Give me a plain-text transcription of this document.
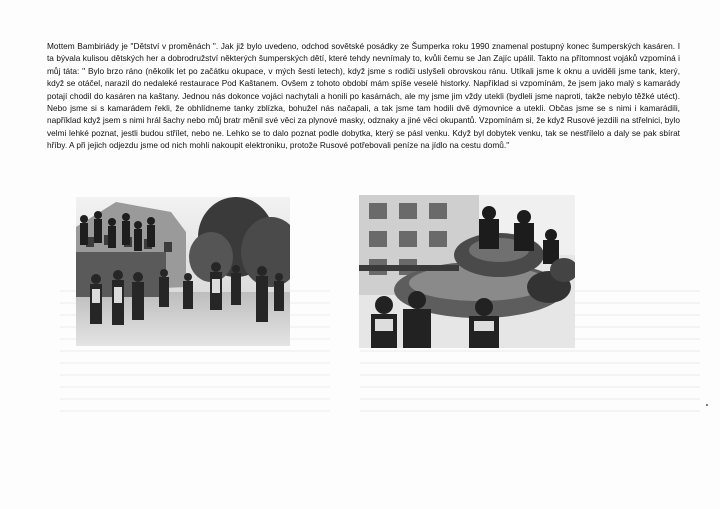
Mottem Bambiriády je "Dětství v proměnách ". Jak již bylo uvedeno, odchod sovětské posádky ze Šumperka roku 1990 znamenal postupný konec šumperských kasáren. I ta bývala kulisou dětských her a dobrodružství některých šumperských dětí, které tehdy nevnímaly to, kvůli čemu se Jan Zajíc upálil. Takto na přítomnost vojáků vzpomíná i můj táta: " Bylo brzo ráno (několik let po začátku okupace, v mých šesti letech), když jsme s rodiči uslyšeli obrovskou ránu. Utíkali jsme k oknu a uviděli jsme tank, který, když se otáčel, narazil do nedaleké restaurace Pod Kaštanem. Ovšem z tohoto období mám spíše veselé historky. Například si vzpomínám, že jsem jako malý s kamarády potají chodil do kasáren na kaštany. Jednou nás dokonce vojáci nachytali a honili po kasárnách, ale my jsme jim vždy utekli (bydleli jsme naproti, takže nebylo těžké utéct). Nebo jsme si s kamarádem řekli, že obhlídneme tanky zblízka, bohužel nás načapali, a tak jsme tam hodili dvě dýmovnice a utekli. Občas jsme se s nimi i kamarádili, například když jsem s nimi hrál šachy nebo můj bratr měnil své věci za plynové masky, odznaky a jiné věci okupantů. Vzpomínám si, že když Rusové jezdili na střelnici, bylo velmi lehké poznat, jestli budou střílet, nebo ne. Lehko se to dalo poznat podle dobytka, který se pásl venku. Když byl dobytek venku, tak se nestřílelo a daly se pak sbírat hříby. A při jejich odjezdu jsme od nich mohli nakoupit elektroniku, protože Rusové potřebovali peníze na jídlo na cestu domů."
